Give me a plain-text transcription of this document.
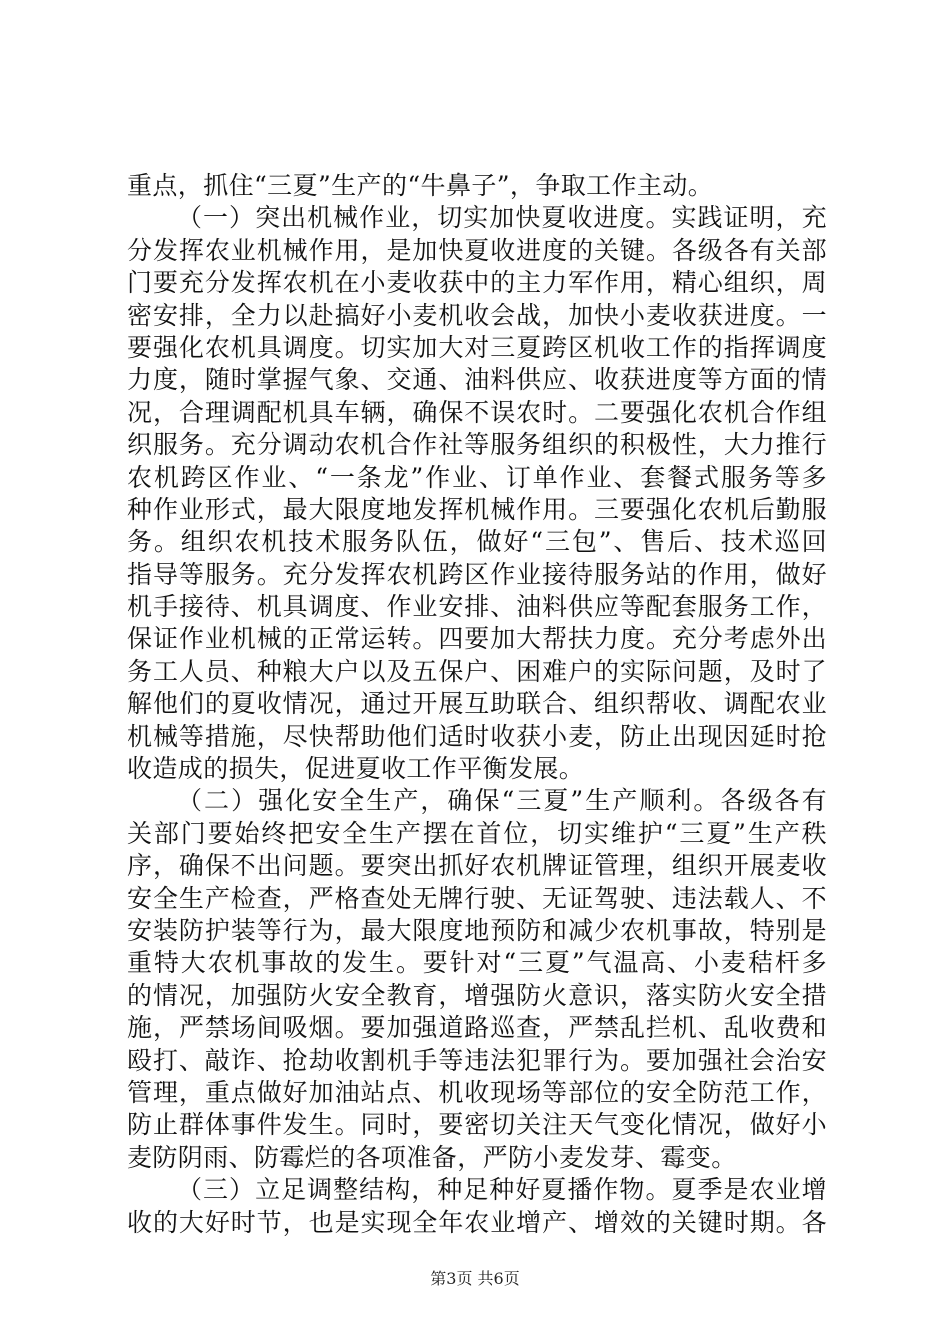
重点，抓住“三夏”生产的“牛鼻子”，争取工作主动。
（一）突出机械作业，切实加快夏收进度。实践证明，充
分发挥农业机械作用，是加快夏收进度的关键。各级各有关部
门要充分发挥农机在小麦收获中的主力军作用，精心组织，周
密安排，全力以赴搞好小麦机收会战，加快小麦收获进度。一
要强化农机具调度。切实加大对三夏跨区机收工作的指挥调度
力度，随时掌握气象、交通、油料供应、收获进度等方面的情
况，合理调配机具车辆，确保不误农时。二要强化农机合作组
织服务。充分调动农机合作社等服务组织的积极性，大力推行
农机跨区作业、“一条龙”作业、订单作业、套餐式服务等多
种作业形式，最大限度地发挥机械作用。三要强化农机后勤服
务。组织农机技术服务队伍，做好“三包”、售后、技术巡回
指导等服务。充分发挥农机跨区作业接待服务站的作用，做好
机手接待、机具调度、作业安排、油料供应等配套服务工作，
保证作业机械的正常运转。四要加大帮扶力度。充分考虑外出
务工人员、种粮大户以及五保户、困难户的实际问题，及时了
解他们的夏收情况，通过开展互助联合、组织帮收、调配农业
机械等措施，尽快帮助他们适时收获小麦，防止出现因延时抢
收造成的损失，促进夏收工作平衡发展。
（二）强化安全生产，确保“三夏”生产顺利。各级各有
关部门要始终把安全生产摆在首位，切实维护“三夏”生产秩
序，确保不出问题。要突出抓好农机牌证管理，组织开展麦收
安全生产检查，严格查处无牌行驶、无证驾驶、违法载人、不
安装防护装等行为，最大限度地预防和减少农机事故，特别是
重特大农机事故的发生。要针对“三夏”气温高、小麦秸杆多
的情况，加强防火安全教育，增强防火意识，落实防火安全措
施，严禁场间吸烟。要加强道路巡查，严禁乱拦机、乱收费和
殴打、敲诈、抢劫收割机手等违法犯罪行为。要加强社会治安
管理，重点做好加油站点、机收现场等部位的安全防范工作，
防止群体事件发生。同时，要密切关注天气变化情况，做好小
麦防阴雨、防霉烂的各项准备，严防小麦发芽、霉变。
（三）立足调整结构，种足种好夏播作物。夏季是农业增
收的大好时节，也是实现全年农业增产、增效的关键时期。各
第3页 共6页
